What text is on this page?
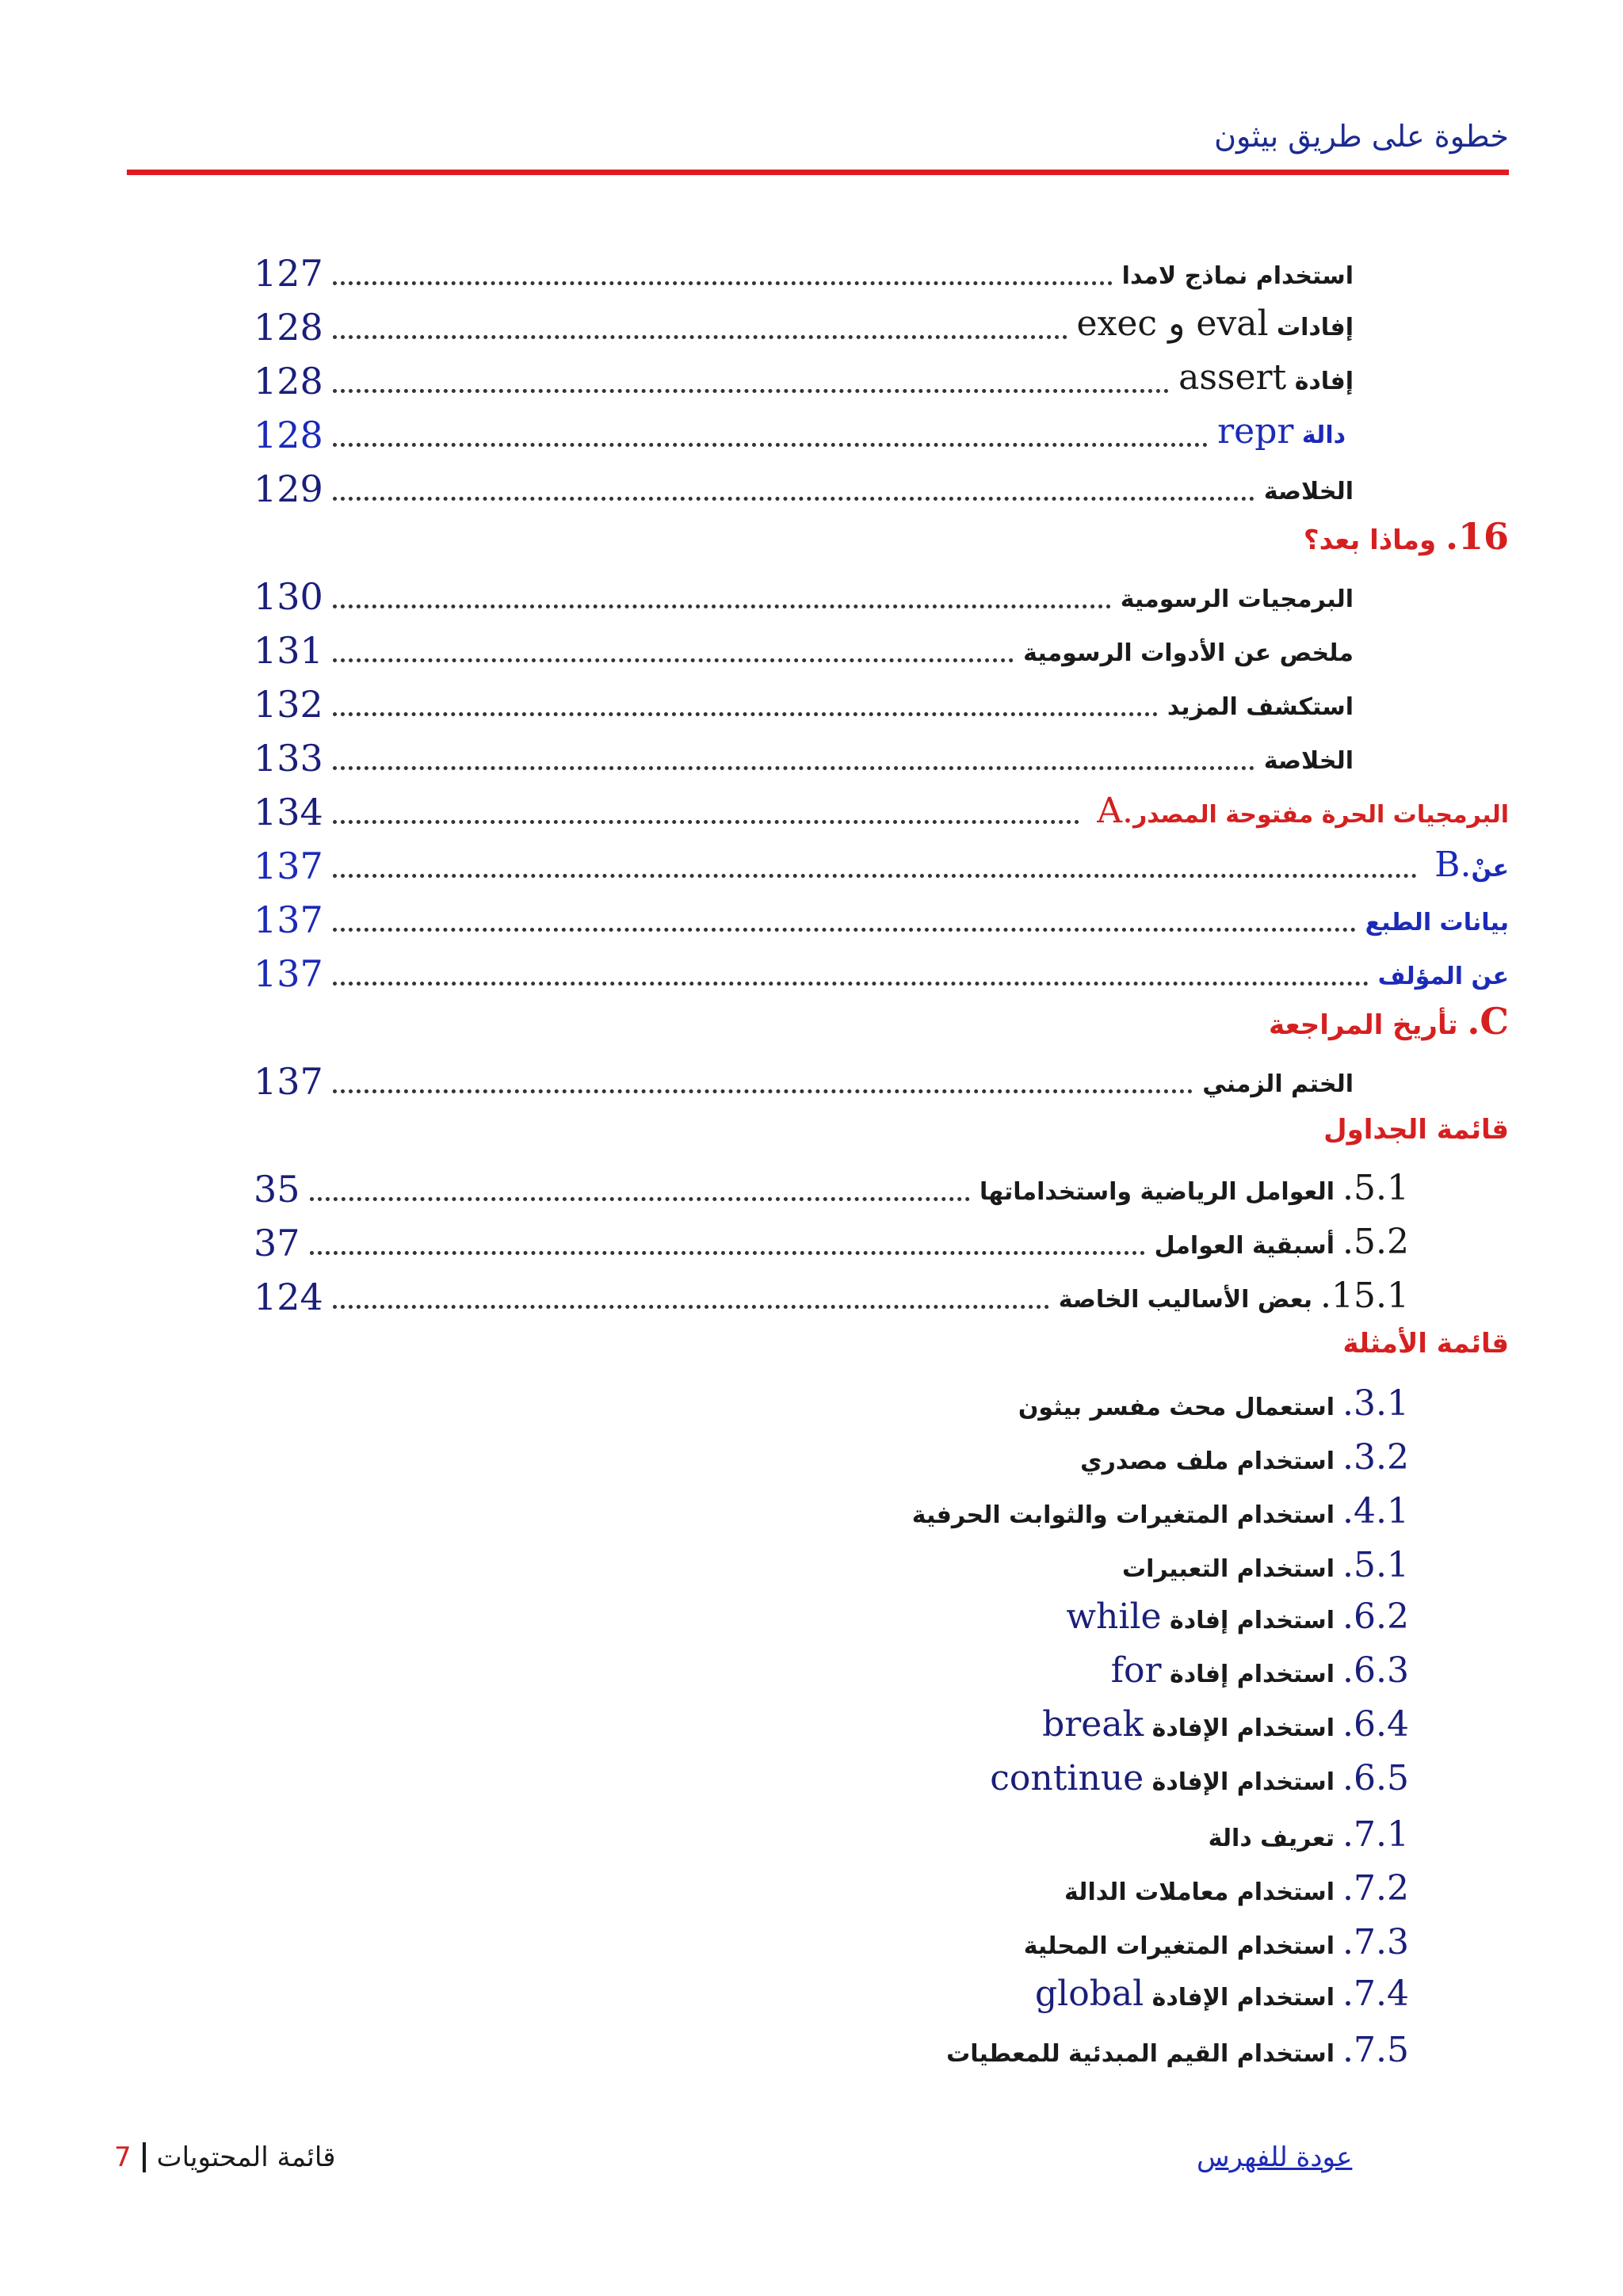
خطوة على طريق بيثون
استخدام نماذج لامدا
127
إفادات eval و exec
128
إفادة assert
128
دالة repr
128
الخلاصة
129
16. وماذا بعد؟
البرمجيات الرسومية
130
ملخص عن الأدوات الرسومية
131
استكشف المزيد
132
الخلاصة
133
A.البرمجيات الحرة مفتوحة المصدر
134
B.عنْ
137
بيانات الطبع
137
عن المؤلف
137
C. تأريخ المراجعة
الختم الزمني
137
قائمة الجداول
5.1.العوامل الرياضية واستخداماتها
35
5.2.أسبقية العوامل
37
15.1.بعض الأساليب الخاصة
124
قائمة الأمثلة
3.1.استعمال محث مفسر بيثون
3.2.استخدام ملف مصدري
4.1.استخدام المتغيرات والثوابت الحرفية
5.1.استخدام التعبيرات
6.2.استخدام إفادة while
6.3.استخدام إفادة for
6.4.استخدام الإفادة break
6.5.استخدام الإفادة continue
7.1.تعريف دالة
7.2.استخدام معاملات الدالة
7.3.استخدام المتغيرات المحلية
7.4.استخدام الإفادة global
7.5.استخدام القيم المبدئية للمعطيات
7 قائمة المحتويات	عودة للفهرس
